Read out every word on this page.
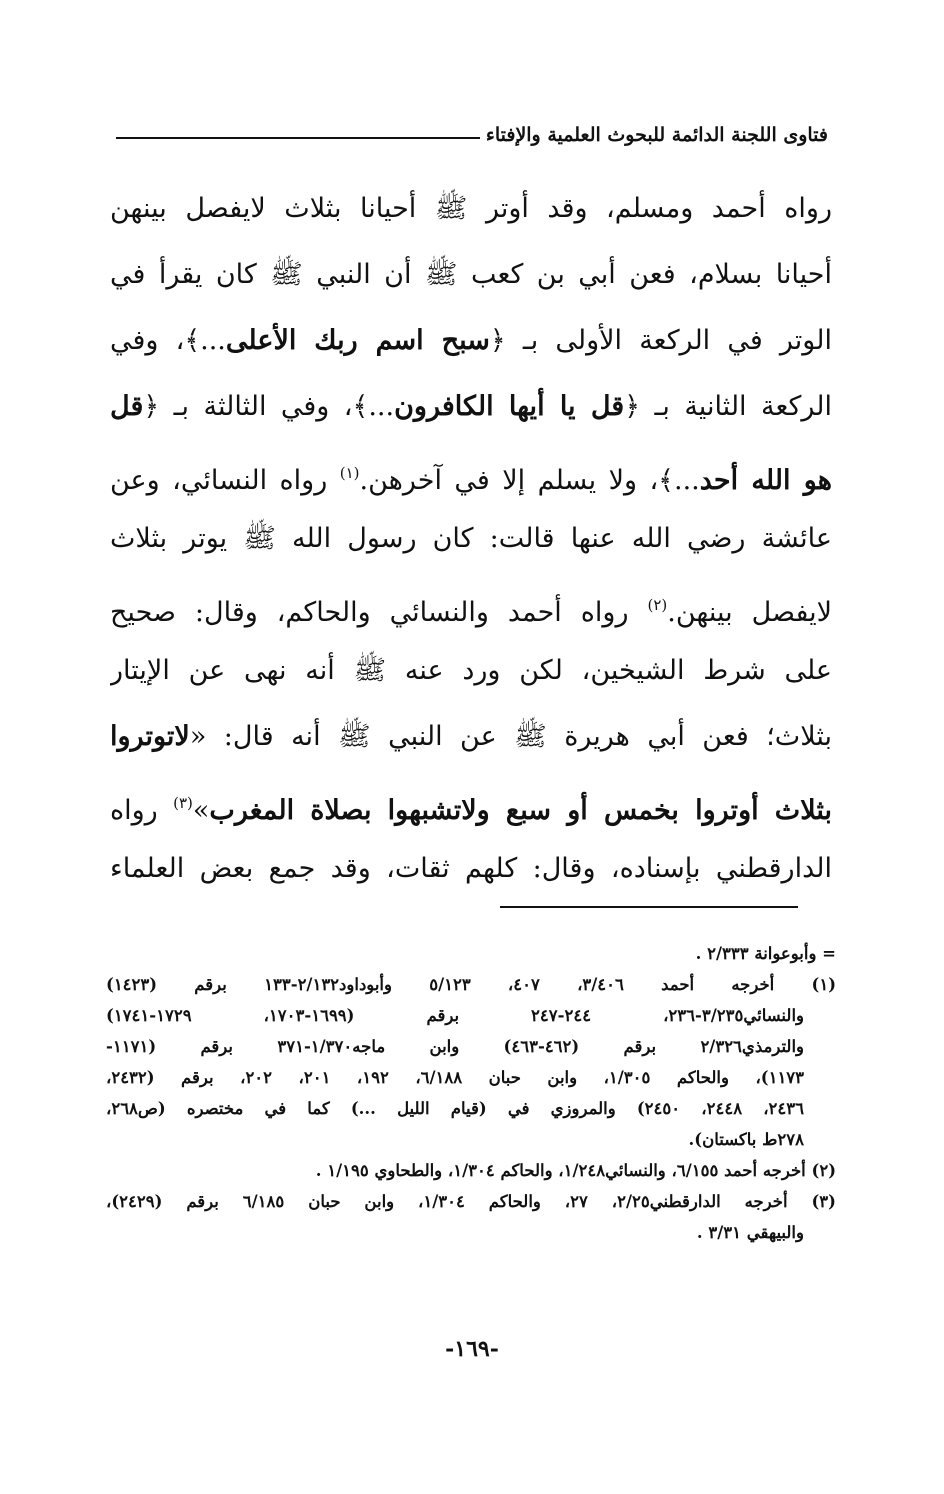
فتاوى اللجنة الدائمة للبحوث العلمية والإفتاء
رواه أحمد ومسلم، وقد أوتر ﷺ أحيانا بثلاث لايفصل بينهن
أحيانا بسلام، فعن أبي بن كعب ﷺ أن النبي ﷺ كان يقرأ في
الوتر في الركعة الأولى بـ ﴿سبح اسم ربك الأعلى...﴾، وفي
الركعة الثانية بـ ﴿قل يا أيها الكافرون...﴾، وفي الثالثة بـ ﴿قل
هو الله أحد...﴾، ولا يسلم إلا في آخرهن.$^{(١)}$ رواه النسائي، وعن
عائشة رضي الله عنها قالت: كان رسول الله ﷺ يوتر بثلاث
لايفصل بينهن.$^{(٢)}$ رواه أحمد والنسائي والحاكم، وقال: صحيح
على شرط الشيخين، لكن ورد عنه ﷺ أنه نهى عن الإيتار
بثلاث؛ فعن أبي هريرة ﷺ عن النبي ﷺ أنه قال: «لاتوتروا
بثلاث أوتروا بخمس أو سبع ولاتشبهوا بصلاة المغرب»$^{(٣)}$ رواه
الدارقطني بإسناده، وقال: كلهم ثقات، وقد جمع بعض العلماء
= وأبوعوانة ٢/٣٣٣ .
(١) أخرجه أحمد ٣/٤٠٦، ٤٠٧، ٥/١٢٣ وأبوداود٢/١٣٢-١٣٣ برقم (١٤٢٣)
والنسائي٣/٢٣٥-٢٣٦، ٢٤٤-٢٤٧ برقم (١٦٩٩-١٧٠٣، ١٧٢٩-١٧٤١)
والترمذي٢/٣٢٦ برقم (٤٦٢-٤٦٣) وابن ماجه١/٣٧٠-٣٧١ برقم (١١٧١-
١١٧٣)، والحاكم ١/٣٠٥، وابن حبان ٦/١٨٨، ١٩٢، ٢٠١، ٢٠٢، برقم (٢٤٣٢،
٢٤٣٦، ٢٤٤٨، ٢٤٥٠) والمروزي في (قيام الليل ...) كما في مختصره (ص٢٦٨،
٢٧٨ط باكستان).
(٢) أخرجه أحمد ٦/١٥٥، والنسائي١/٢٤٨، والحاكم ١/٣٠٤، والطحاوي ١/١٩٥ .
(٣) أخرجه الدارقطني٢/٢٥، ٢٧، والحاكم ١/٣٠٤، وابن حبان ٦/١٨٥ برقم (٢٤٢٩)،
والبيهقي ٣/٣١ .
-١٦٩-
